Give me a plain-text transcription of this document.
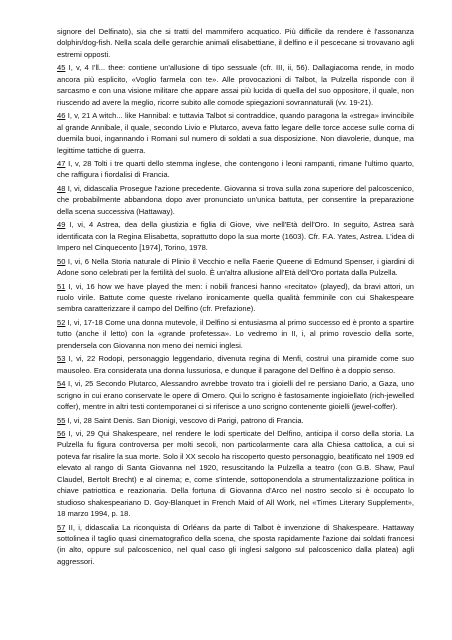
signore del Delfinato), sia che si tratti del mammifero acquatico. Più difficile da rendere è l'assonanza dolphin/dog-fish. Nella scala delle gerarchie animali elisabettiane, il delfino e il pescecane si trovavano agli estremi opposti.

45 I, v, 4 I'll... thee: contiene un'allusione di tipo sessuale (cfr. III, ii, 56). Dallagiacoma rende, in modo ancora più esplicito, «Voglio farmela con te». Alle provocazioni di Talbot, la Pulzella risponde con il sarcasmo e con una visione militare che appare assai più lucida di quella del suo oppositore, il quale, non riuscendo ad avere la meglio, ricorre subito alle comode spiegazioni sovrannaturali (vv. 19-21).

46 I, v, 21 A witch... like Hannibal: e tuttavia Talbot si contraddice, quando paragona la «strega» invincibile al grande Annibale, il quale, secondo Livio e Plutarco, aveva fatto legare delle torce accese sulle corna di duemila buoi, ingannando i Romani sul numero di soldati a sua disposizione. Non diavolerie, dunque, ma legittime tattiche di guerra.

47 I, v, 28 Tolti i tre quarti dello stemma inglese, che contengono i leoni rampanti, rimane l'ultimo quarto, che raffigura i fiordalisi di Francia.

48 I, vi, didascalia Prosegue l'azione precedente. Giovanna si trova sulla zona superiore del palcoscenico, che probabilmente abbandona dopo aver pronunciato un'unica battuta, per consentire la preparazione della scena successiva (Hattaway).

49 I, vi, 4 Astrea, dea della giustizia e figlia di Giove, vive nell'Età dell'Oro. In seguito, Astrea sarà identificata con la Regina Elisabetta, soprattutto dopo la sua morte (1603). Cfr. F.A. Yates, Astrea. L'idea di Impero nel Cinquecento [1974], Torino, 1978.

50 I, vi, 6 Nella Storia naturale di Plinio il Vecchio e nella Faerie Queene di Edmund Spenser, i giardini di Adone sono celebrati per la fertilità del suolo. È un'altra allusione all'Età dell'Oro portata dalla Pulzella.

51 I, vi, 16 how we have played the men: i nobili francesi hanno «recitato» (played), da bravi attori, un ruolo virile. Battute come queste rivelano ironicamente quella qualità femminile con cui Shakespeare sembra caratterizzare il campo del Delfino (cfr. Prefazione).

52 I, vi, 17-18 Come una donna mutevole, il Delfino si entusiasma al primo successo ed è pronto a spartire tutto (anche il letto) con la «grande profetessa». Lo vedremo in II, i, al primo rovescio della sorte, prendersela con Giovanna non meno dei nemici inglesi.

53 I, vi, 22 Rodopi, personaggio leggendario, divenuta regina di Menfi, costruì una piramide come suo mausoleo. Era considerata una donna lussuriosa, e dunque il paragone del Delfino è a doppio senso.

54 I, vi, 25 Secondo Plutarco, Alessandro avrebbe trovato tra i gioielli del re persiano Dario, a Gaza, uno scrigno in cui erano conservate le opere di Omero. Qui lo scrigno è fastosamente ingioiellato (rich-jewelled coffer), mentre in altri testi contemporanei ci si riferisce a uno scrigno contenente gioielli (jewel-coffer).

55 I, vi, 28 Saint Denis. San Dionigi, vescovo di Parigi, patrono di Francia.

56 I, vi, 29 Qui Shakespeare, nel rendere le lodi sperticate del Delfino, anticipa il corso della storia. La Pulzella fu figura controversa per molti secoli, non particolarmente cara alla Chiesa cattolica, a cui si poteva far risalire la sua morte. Solo il XX secolo ha riscoperto questo personaggio, beatificato nel 1909 ed elevato al rango di Santa Giovanna nel 1920, resuscitando la Pulzella a teatro (con G.B. Shaw, Paul Claudel, Bertolt Brecht) e al cinema; e, come s'intende, sottoponendola a strumentalizzazione politica in chiave patriottica e reazionaria. Della fortuna di Giovanna d'Arco nel nostro secolo si è occupato lo studioso shakespeariano D. Goy-Blanquet in French Maid of All Work, nel «Times Literary Supplement», 18 marzo 1994, p. 18.

57 II, i, didascalia La riconquista di Orléans da parte di Talbot è invenzione di Shakespeare. Hattaway sottolinea il taglio quasi cinematografico della scena, che sposta rapidamente l'azione dai soldati francesi (in alto, oppure sul palcoscenico, nel qual caso gli inglesi salgono sul palcoscenico dalla platea) agli aggressori.
